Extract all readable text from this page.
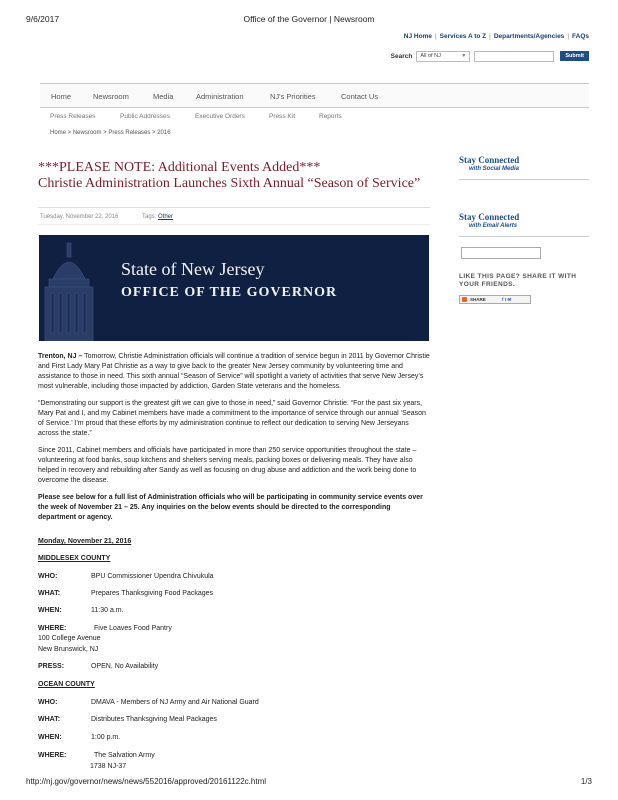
9/6/2017	Office of the Governor | Newsroom
NJ Home | Services A to Z | Departments/Agencies | FAQs
Search	All of NJ	▼	Submit
Home	Newsroom	Media	Administration	NJ's Priorities	Contact Us
Press Releases	Public Addresses	Executive Orders	Press Kit	Reports
Home > Newsroom > Press Releases > 2016
***PLEASE NOTE: Additional Events Added***
Christie Administration Launches Sixth Annual “Season of Service”
Tuesday, November 22, 2016	Tags: Other
State of New Jersey
OFFICE OF THE GOVERNOR

Trenton, NJ – Tomorrow, Christie Administration officials will continue a tradition of service begun in 2011 by Governor Christie and First Lady Mary Pat Christie as a way to give back to the greater New Jersey community by volunteering time and assistance to those in need. This sixth annual “Season of Service” will spotlight a variety of activities that serve New Jersey’s most vulnerable, including those impacted by addiction, Garden State veterans and the homeless.

“Demonstrating our support is the greatest gift we can give to those in need,” said Governor Christie. “For the past six years, Mary Pat and I, and my Cabinet members have made a commitment to the importance of service through our annual ‘Season of Service.’ I’m proud that these efforts by my administration continue to reflect our dedication to serving New Jerseyans across the state.”

Since 2011, Cabinet members and officials have participated in more than 250 service opportunities throughout the state – volunteering at food banks, soup kitchens and shelters serving meals, packing boxes or delivering meals. They have also helped in recovery and rebuilding after Sandy as well as focusing on drug abuse and addiction and the work being done to overcome the disease.

Please see below for a full list of Administration officials who will be participating in community service events over the week of November 21 – 25. Any inquiries on the below events should be directed to the corresponding department or agency.

Monday, November 21, 2016
MIDDLESEX COUNTY
WHO:	BPU Commissioner Upendra Chivukula
WHAT:	Prepares Thanksgiving Food Packages
WHEN:	11:30 a.m.
WHERE:	Five Loaves Food Pantry
100 College Avenue
New Brunswick, NJ
PRESS:	OPEN, No Availability
OCEAN COUNTY
WHO:	DMAVA - Members of NJ Army and Air National Guard
WHAT:	Distributes Thanksgiving Meal Packages
WHEN:	1:00 p.m.
WHERE:	The Salvation Army
1738 NJ-37
Stay Connected
with Social Media
Stay Connected
with Email Alerts
LIKE THIS PAGE? SHARE IT WITH YOUR FRIENDS.
SHARE	f t ✉
http://nj.gov/governor/news/news/552016/approved/20161122c.html	1/3
